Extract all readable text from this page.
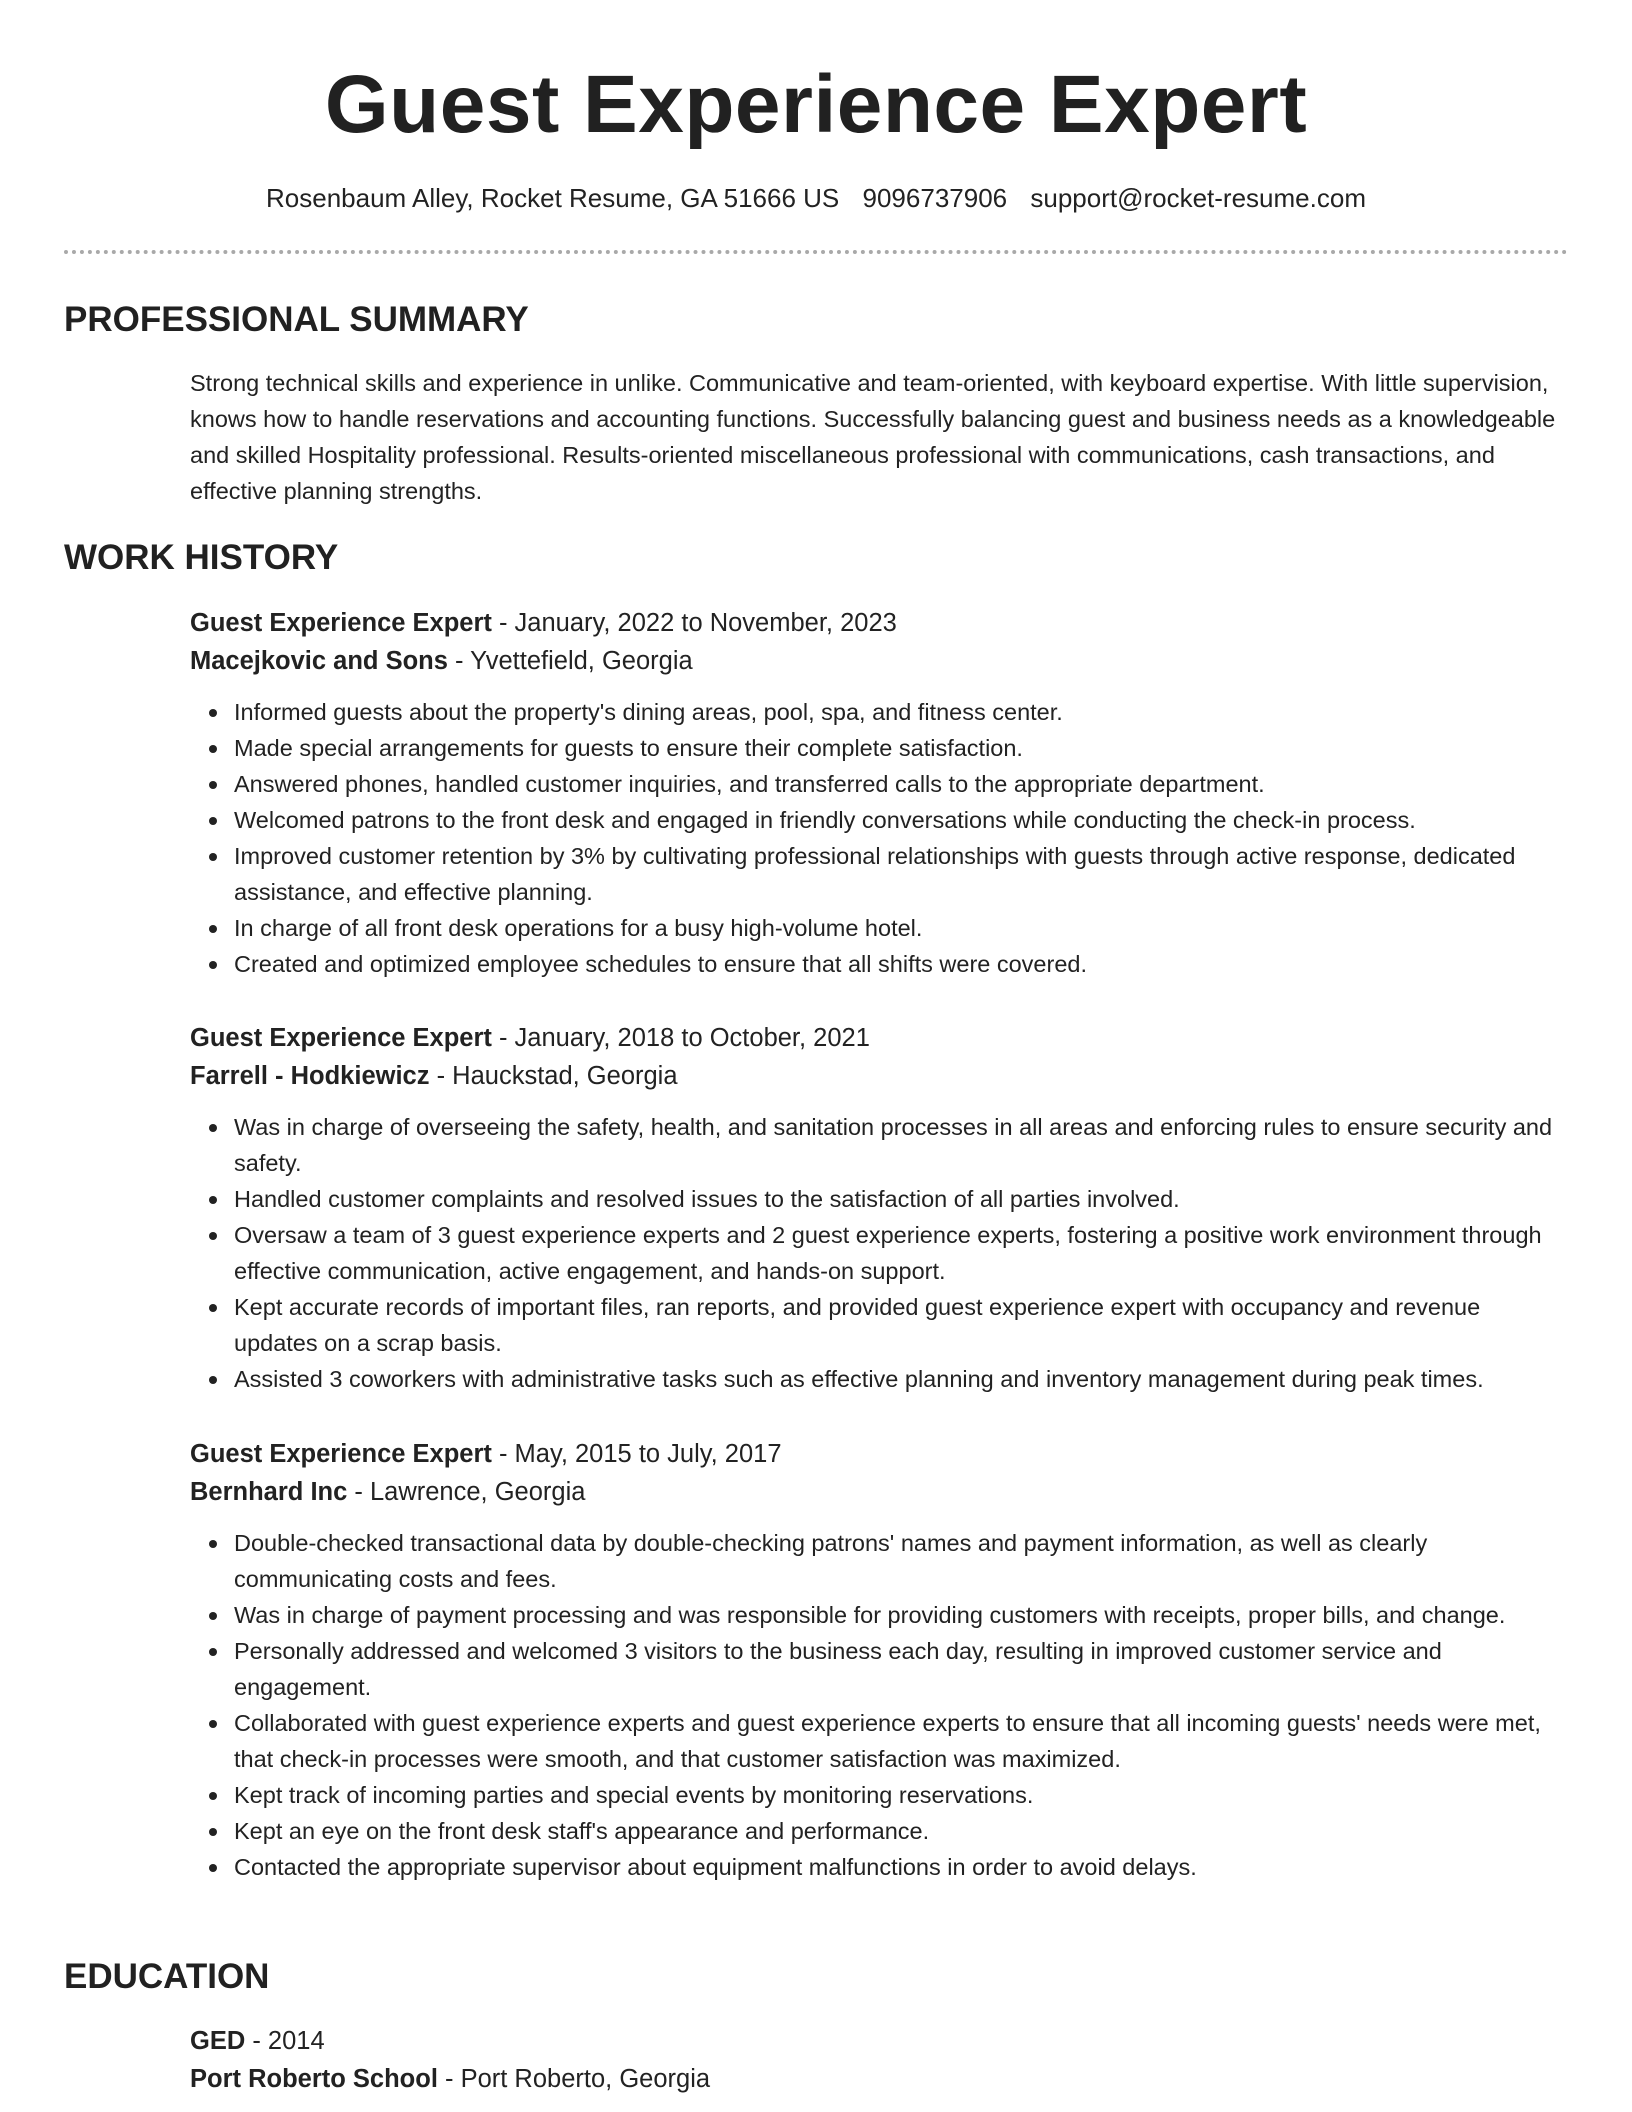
Guest Experience Expert
Rosenbaum Alley, Rocket Resume, GA 51666 US 9096737906 support@rocket-resume.com
PROFESSIONAL SUMMARY

Strong technical skills and experience in unlike. Communicative and team-oriented, with keyboard expertise. With little supervision, knows how to handle reservations and accounting functions. Successfully balancing guest and business needs as a knowledgeable and skilled Hospitality professional. Results-oriented miscellaneous professional with communications, cash transactions, and effective planning strengths.

WORK HISTORY
Guest Experience Expert - January, 2022 to November, 2023
Macejkovic and Sons - Yvettefield, Georgia
Informed guests about the property's dining areas, pool, spa, and fitness center.
Made special arrangements for guests to ensure their complete satisfaction.
Answered phones, handled customer inquiries, and transferred calls to the appropriate department.
Welcomed patrons to the front desk and engaged in friendly conversations while conducting the check-in process.
Improved customer retention by 3% by cultivating professional relationships with guests through active response, dedicated assistance, and effective planning.
In charge of all front desk operations for a busy high-volume hotel.
Created and optimized employee schedules to ensure that all shifts were covered.
Guest Experience Expert - January, 2018 to October, 2021
Farrell - Hodkiewicz - Hauckstad, Georgia
Was in charge of overseeing the safety, health, and sanitation processes in all areas and enforcing rules to ensure security and safety.
Handled customer complaints and resolved issues to the satisfaction of all parties involved.
Oversaw a team of 3 guest experience experts and 2 guest experience experts, fostering a positive work environment through effective communication, active engagement, and hands-on support.
Kept accurate records of important files, ran reports, and provided guest experience expert with occupancy and revenue updates on a scrap basis.
Assisted 3 coworkers with administrative tasks such as effective planning and inventory management during peak times.
Guest Experience Expert - May, 2015 to July, 2017
Bernhard Inc - Lawrence, Georgia
Double-checked transactional data by double-checking patrons' names and payment information, as well as clearly communicating costs and fees.
Was in charge of payment processing and was responsible for providing customers with receipts, proper bills, and change.
Personally addressed and welcomed 3 visitors to the business each day, resulting in improved customer service and engagement.
Collaborated with guest experience experts and guest experience experts to ensure that all incoming guests' needs were met, that check-in processes were smooth, and that customer satisfaction was maximized.
Kept track of incoming parties and special events by monitoring reservations.
Kept an eye on the front desk staff's appearance and performance.
Contacted the appropriate supervisor about equipment malfunctions in order to avoid delays.
EDUCATION
GED - 2014
Port Roberto School - Port Roberto, Georgia
